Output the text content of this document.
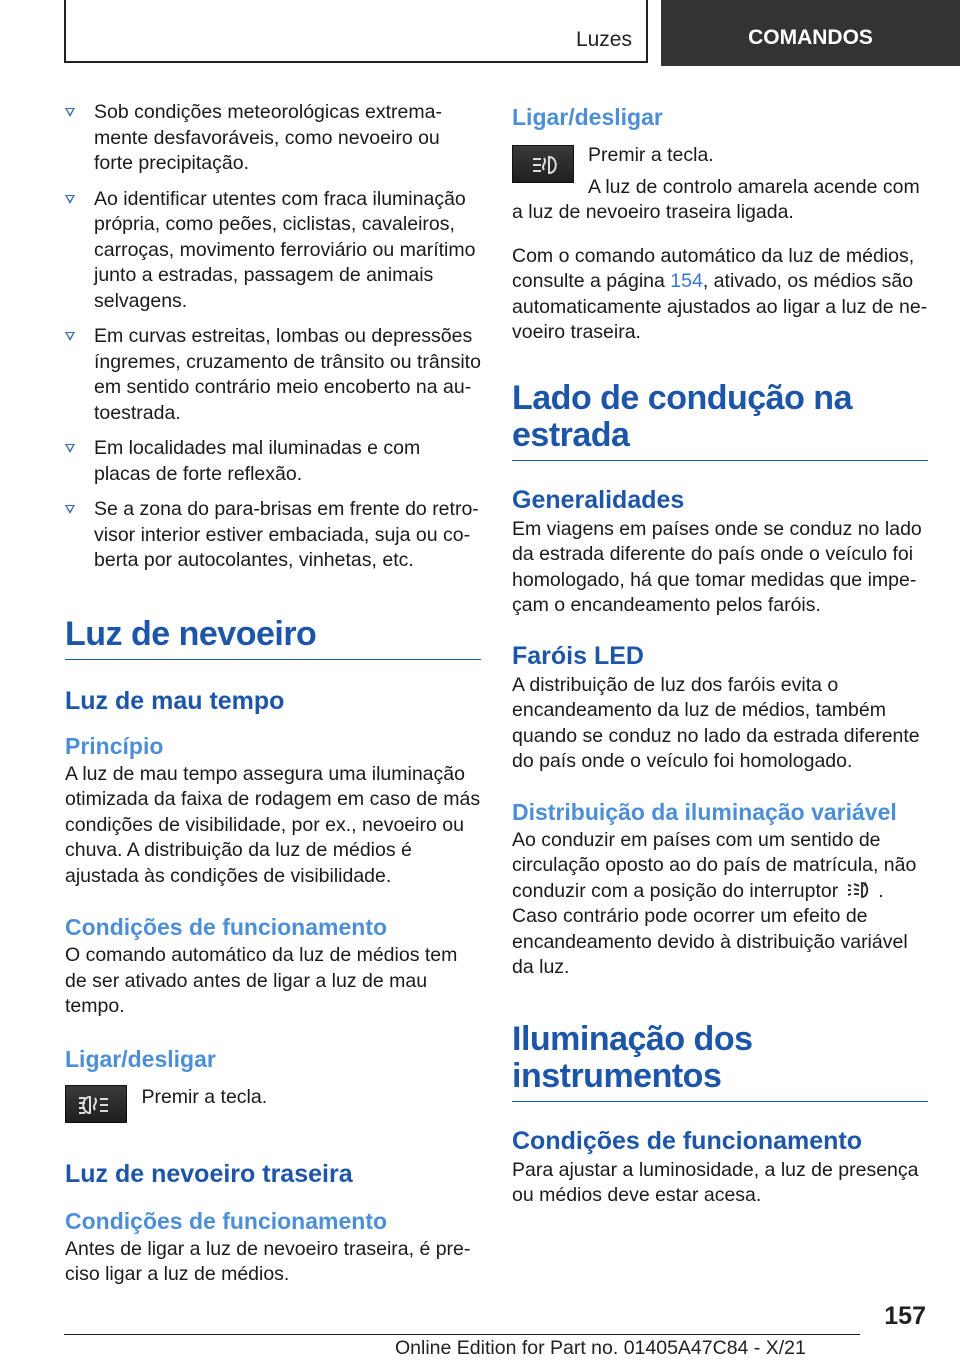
Luzes	COMANDOS
Sob condições meteorológicas extremamente desfavoráveis, como nevoeiro ou forte precipitação.
Ao identificar utentes com fraca iluminação própria, como peões, ciclistas, cavaleiros, carroças, movimento ferroviário ou marítimo junto a estradas, passagem de animais selvagens.
Em curvas estreitas, lombas ou depressões íngremes, cruzamento de trânsito ou trânsito em sentido contrário meio encoberto na autoestrada.
Em localidades mal iluminadas e com placas de forte reflexão.
Se a zona do para-brisas em frente do retrovisor interior estiver embaciada, suja ou coberta por autocolantes, vinhetas, etc.
Luz de nevoeiro
Luz de mau tempo
Princípio

A luz de mau tempo assegura uma iluminação otimizada da faixa de rodagem em caso de más condições de visibilidade, por ex., nevoeiro ou chuva. A distribuição da luz de médios é ajustada às condições de visibilidade.

Condições de funcionamento

O comando automático da luz de médios tem de ser ativado antes de ligar a luz de mau tempo.

Ligar/desligar
Premir a tecla.
Luz de nevoeiro traseira
Condições de funcionamento

Antes de ligar a luz de nevoeiro traseira, é preciso ligar a luz de médios.

Ligar/desligar

Premir a tecla.

A luz de controlo amarela acende com a luz de nevoeiro traseira ligada.

Com o comando automático da luz de médios, consulte a página 154, ativado, os médios são automaticamente ajustados ao ligar a luz de nevoeiro traseira.

Lado de condução na estrada
Generalidades

Em viagens em países onde se conduz no lado da estrada diferente do país onde o veículo foi homologado, há que tomar medidas que impeçam o encandeamento pelos faróis.

Faróis LED

A distribuição de luz dos faróis evita o encandeamento da luz de médios, também quando se conduz no lado da estrada diferente do país onde o veículo foi homologado.

Distribuição da iluminação variável

Ao conduzir em países com um sentido de circulação oposto ao do país de matrícula, não conduzir com a posição do interruptor	A . Caso contrário pode ocorrer um efeito de encandeamento devido à distribuição variável da luz.

Iluminação dos instrumentos
Condições de funcionamento

Para ajustar a luminosidade, a luz de presença ou médios deve estar acesa.

157
Online Edition for Part no. 01405A47C84 - X/21
